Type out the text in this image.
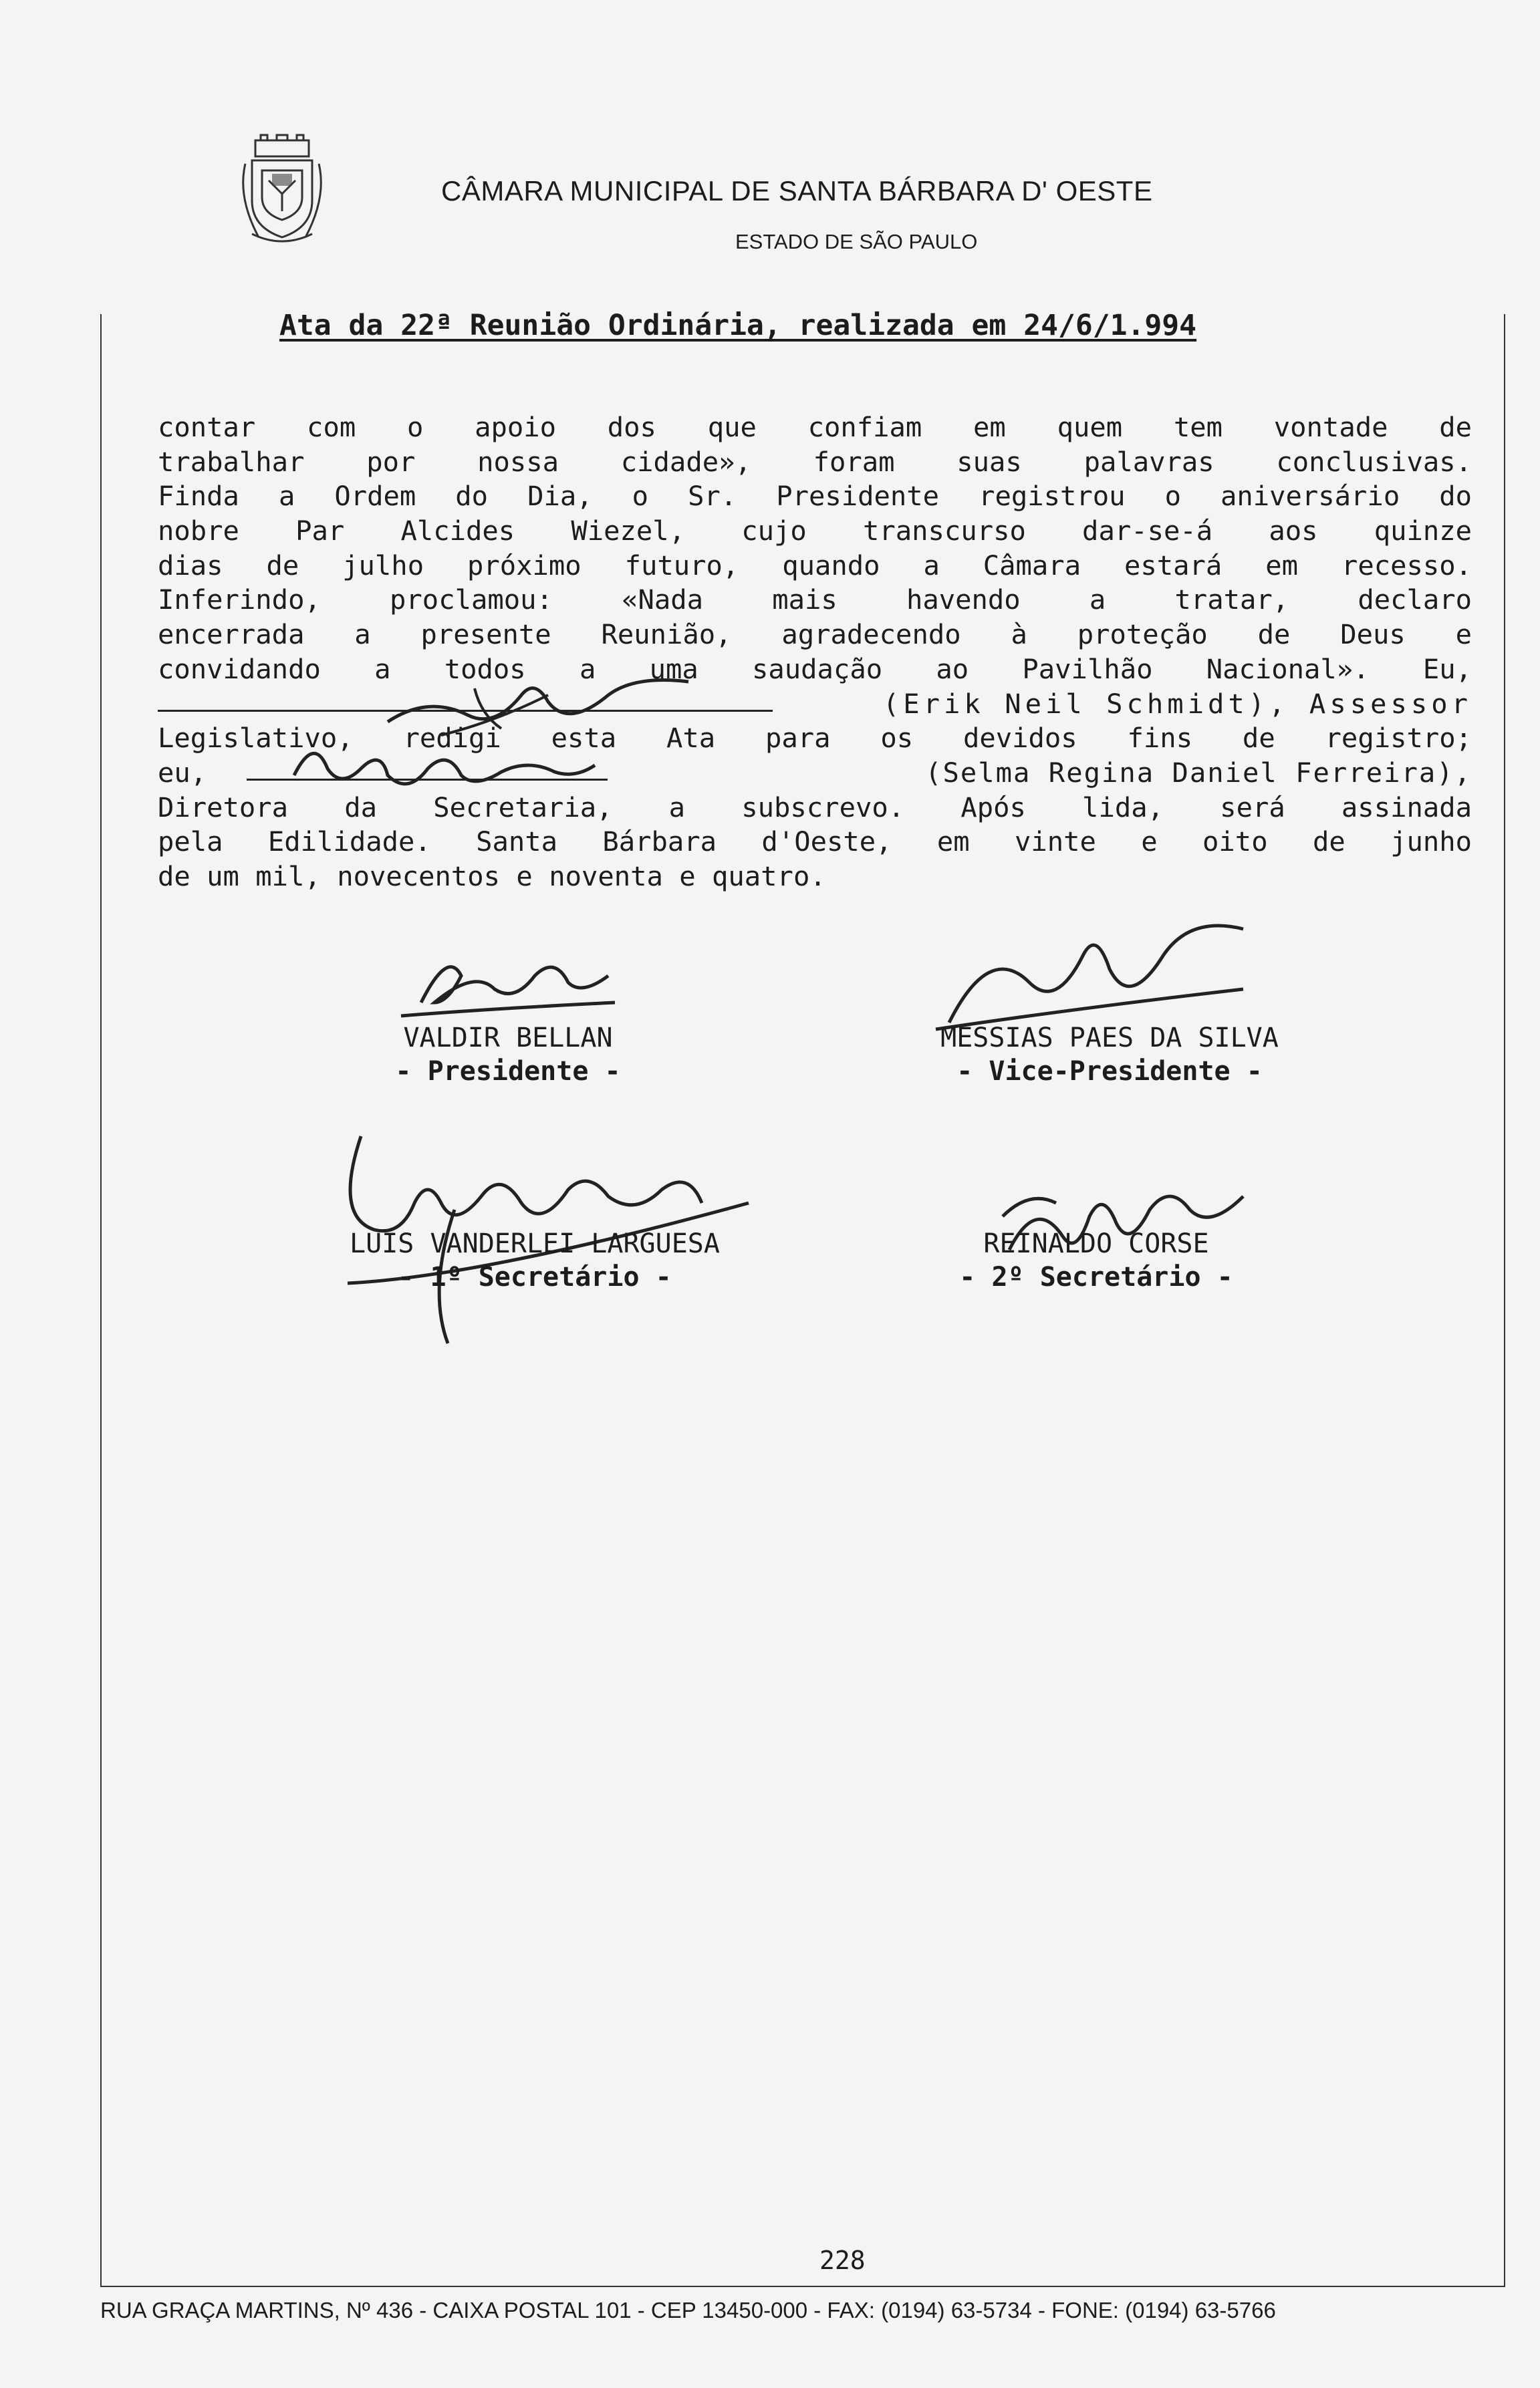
CÂMARA MUNICIPAL DE SANTA BÁRBARA D' OESTE
ESTADO DE SÃO PAULO
Ata da 22ª Reunião Ordinária, realizada em 24/6/1.994
contar com o apoio dos que confiam em quem tem vontade de
trabalhar por nossa cidade», foram suas palavras conclusivas.
Finda a Ordem do Dia, o Sr. Presidente registrou o aniversário do
nobre Par Alcides Wiezel, cujo transcurso dar-se-á aos quinze
dias de julho próximo futuro, quando a Câmara estará em recesso.
Inferindo, proclamou: «Nada mais havendo a tratar, declaro
encerrada a presente Reunião, agradecendo à proteção de Deus e
convidando a todos a uma saudação ao Pavilhão Nacional». Eu,
(Erik Neil Schmidt), Assessor
Legislativo, redigi esta Ata para os devidos fins de registro;
eu,	(Selma Regina Daniel Ferreira),
Diretora da Secretaria, a subscrevo. Após lida, será assinada
pela Edilidade. Santa Bárbara d'Oeste, em vinte e oito de junho
de um mil, novecentos e noventa e quatro.
VALDIR BELLAN
- Presidente -
MESSIAS PAES DA SILVA
- Vice-Presidente -
LUIS VANDERLEI LARGUESA
- 1º Secretário -
REINALDO CORSE
- 2º Secretário -
228
RUA GRAÇA MARTINS, Nº 436 - CAIXA POSTAL 101 - CEP 13450-000 - FAX: (0194) 63-5734 - FONE: (0194) 63-5766
